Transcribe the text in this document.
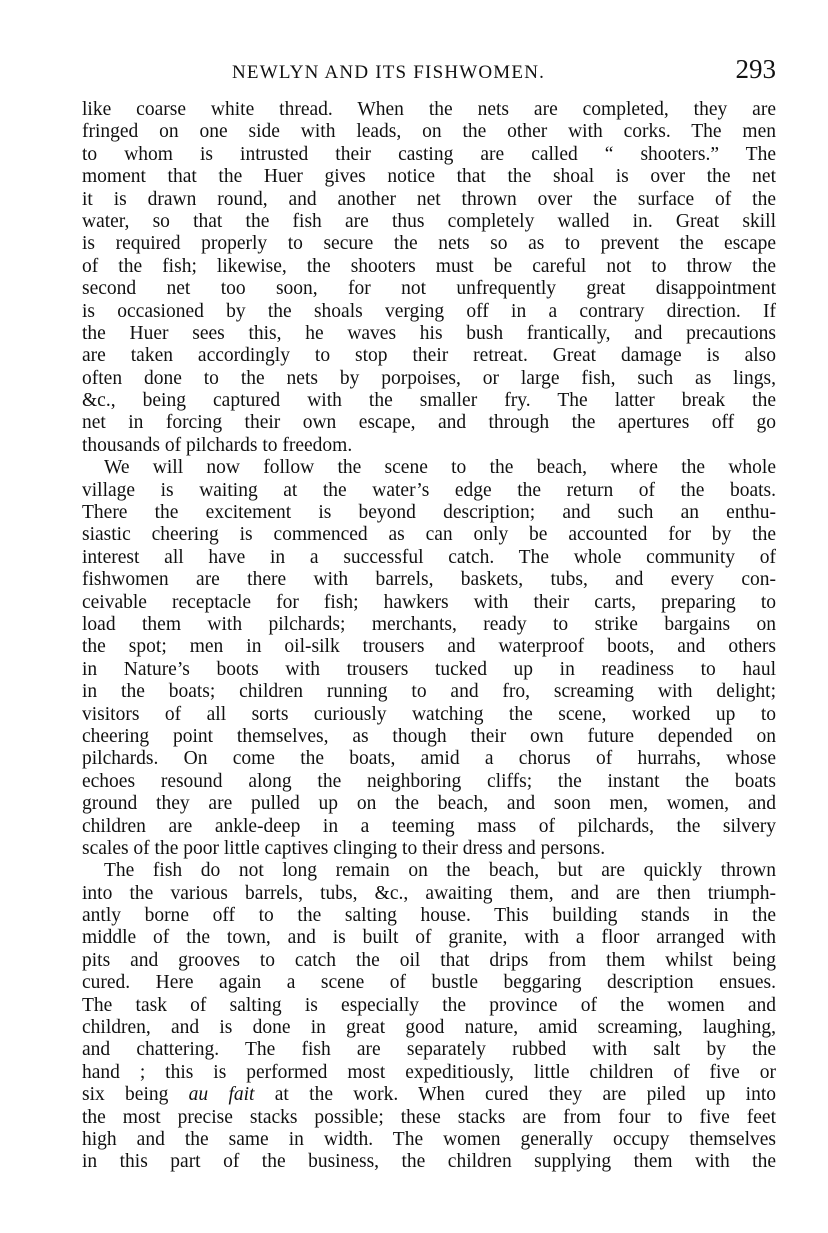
NEWLYN AND ITS FISHWOMEN.	293
like coarse white thread. When the nets are completed, they are
fringed on one side with leads, on the other with corks. The men
to whom is intrusted their casting are called “ shooters.” The
moment that the Huer gives notice that the shoal is over the net
it is drawn round, and another net thrown over the surface of the
water, so that the fish are thus completely walled in. Great skill
is required properly to secure the nets so as to prevent the escape
of the fish; likewise, the shooters must be careful not to throw the
second net too soon, for not unfrequently great disappointment
is occasioned by the shoals verging off in a contrary direction. If
the Huer sees this, he waves his bush frantically, and precautions
are taken accordingly to stop their retreat. Great damage is also
often done to the nets by porpoises, or large fish, such as lings,
&c., being captured with the smaller fry. The latter break the
net in forcing their own escape, and through the apertures off go
thousands of pilchards to freedom.
We will now follow the scene to the beach, where the whole
village is waiting at the water’s edge the return of the boats.
There the excitement is beyond description; and such an enthu-
siastic cheering is commenced as can only be accounted for by the
interest all have in a successful catch. The whole community of
fishwomen are there with barrels, baskets, tubs, and every con-
ceivable receptacle for fish; hawkers with their carts, preparing to
load them with pilchards; merchants, ready to strike bargains on
the spot; men in oil-silk trousers and waterproof boots, and others
in Nature’s boots with trousers tucked up in readiness to haul
in the boats; children running to and fro, screaming with delight;
visitors of all sorts curiously watching the scene, worked up to
cheering point themselves, as though their own future depended on
pilchards. On come the boats, amid a chorus of hurrahs, whose
echoes resound along the neighboring cliffs; the instant the boats
ground they are pulled up on the beach, and soon men, women, and
children are ankle-deep in a teeming mass of pilchards, the silvery
scales of the poor little captives clinging to their dress and persons.
The fish do not long remain on the beach, but are quickly thrown
into the various barrels, tubs, &c., awaiting them, and are then triumph-
antly borne off to the salting house. This building stands in the
middle of the town, and is built of granite, with a floor arranged with
pits and grooves to catch the oil that drips from them whilst being
cured. Here again a scene of bustle beggaring description ensues.
The task of salting is especially the province of the women and
children, and is done in great good nature, amid screaming, laughing,
and chattering. The fish are separately rubbed with salt by the
hand ; this is performed most expeditiously, little children of five or
six being au fait at the work. When cured they are piled up into
the most precise stacks possible; these stacks are from four to five feet
high and the same in width. The women generally occupy themselves
in this part of the business, the children supplying them with the
